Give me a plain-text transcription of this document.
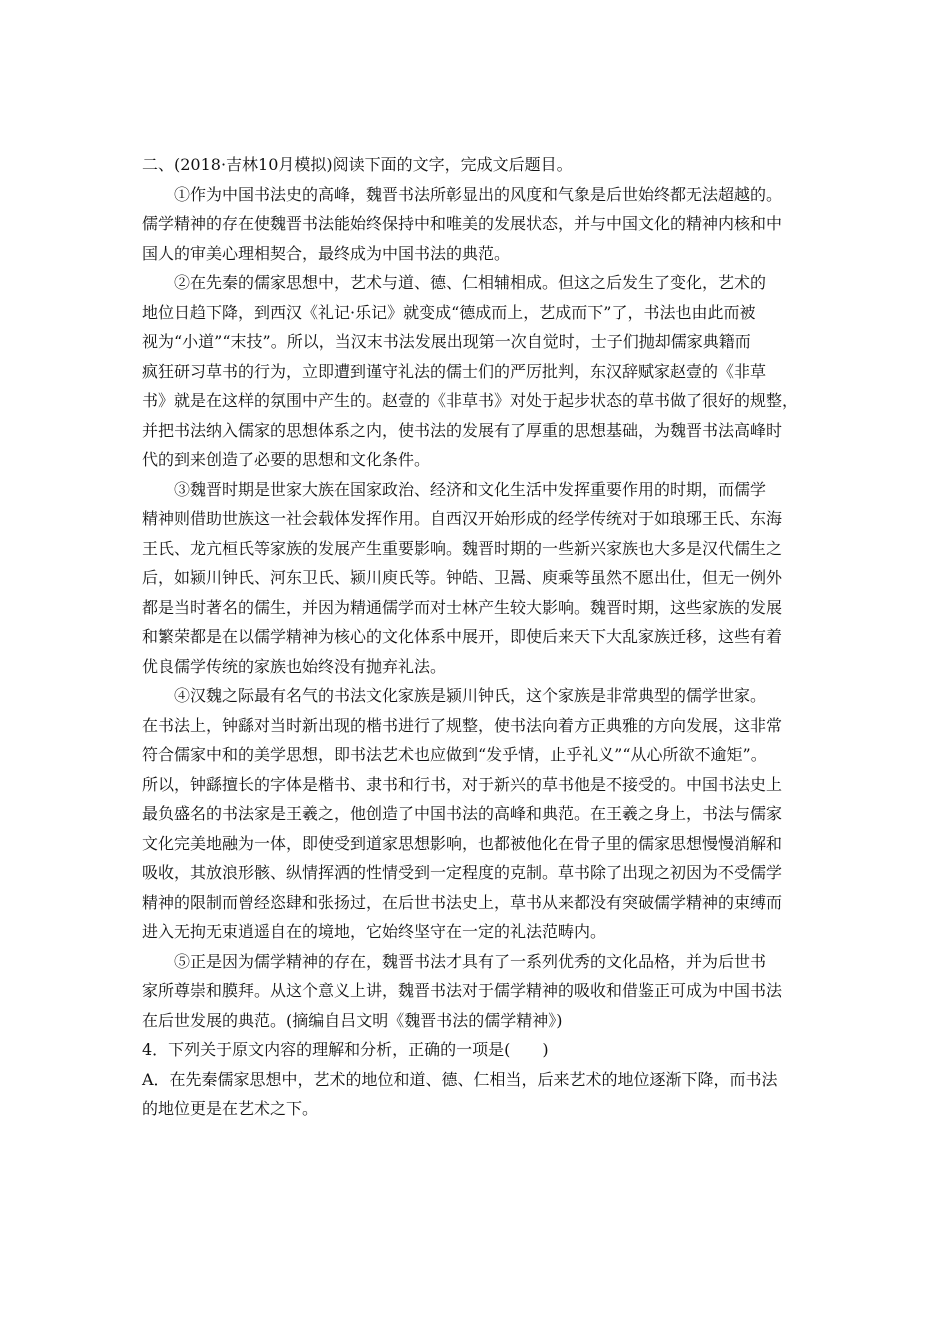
二、(2018·吉林10月模拟)阅读下面的文字，完成文后题目。
①作为中国书法史的高峰，魏晋书法所彰显出的风度和气象是后世始终都无法超越的。
儒学精神的存在使魏晋书法能始终保持中和唯美的发展状态，并与中国文化的精神内核和中
国人的审美心理相契合，最终成为中国书法的典范。
②在先秦的儒家思想中，艺术与道、德、仁相辅相成。但这之后发生了变化，艺术的
地位日趋下降，到西汉《礼记·乐记》就变成“德成而上，艺成而下”了，书法也由此而被
视为“小道”“末技”。所以，当汉末书法发展出现第一次自觉时，士子们抛却儒家典籍而
疯狂研习草书的行为，立即遭到谨守礼法的儒士们的严厉批判，东汉辞赋家赵壹的《非草
书》就是在这样的氛围中产生的。赵壹的《非草书》对处于起步状态的草书做了很好的规整，
并把书法纳入儒家的思想体系之内，使书法的发展有了厚重的思想基础，为魏晋书法高峰时
代的到来创造了必要的思想和文化条件。
③魏晋时期是世家大族在国家政治、经济和文化生活中发挥重要作用的时期，而儒学
精神则借助世族这一社会载体发挥作用。自西汉开始形成的经学传统对于如琅琊王氏、东海
王氏、龙亢桓氏等家族的发展产生重要影响。魏晋时期的一些新兴家族也大多是汉代儒生之
后，如颍川钟氏、河东卫氏、颍川庾氏等。钟皓、卫暠、庾乘等虽然不愿出仕，但无一例外
都是当时著名的儒生，并因为精通儒学而对士林产生较大影响。魏晋时期，这些家族的发展
和繁荣都是在以儒学精神为核心的文化体系中展开，即使后来天下大乱家族迁移，这些有着
优良儒学传统的家族也始终没有抛弃礼法。
④汉魏之际最有名气的书法文化家族是颍川钟氏，这个家族是非常典型的儒学世家。
在书法上，钟繇对当时新出现的楷书进行了规整，使书法向着方正典雅的方向发展，这非常
符合儒家中和的美学思想，即书法艺术也应做到“发乎情，止乎礼义”“从心所欲不逾矩”。
所以，钟繇擅长的字体是楷书、隶书和行书，对于新兴的草书他是不接受的。中国书法史上
最负盛名的书法家是王羲之，他创造了中国书法的高峰和典范。在王羲之身上，书法与儒家
文化完美地融为一体，即使受到道家思想影响，也都被他化在骨子里的儒家思想慢慢消解和
吸收，其放浪形骸、纵情挥洒的性情受到一定程度的克制。草书除了出现之初因为不受儒学
精神的限制而曾经恣肆和张扬过，在后世书法史上，草书从来都没有突破儒学精神的束缚而
进入无拘无束逍遥自在的境地，它始终坚守在一定的礼法范畴内。
⑤正是因为儒学精神的存在，魏晋书法才具有了一系列优秀的文化品格，并为后世书
家所尊崇和膜拜。从这个意义上讲，魏晋书法对于儒学精神的吸收和借鉴正可成为中国书法
在后世发展的典范。(摘编自吕文明《魏晋书法的儒学精神》)
4．下列关于原文内容的理解和分析，正确的一项是(　　)
A．在先秦儒家思想中，艺术的地位和道、德、仁相当，后来艺术的地位逐渐下降，而书法
的地位更是在艺术之下。
